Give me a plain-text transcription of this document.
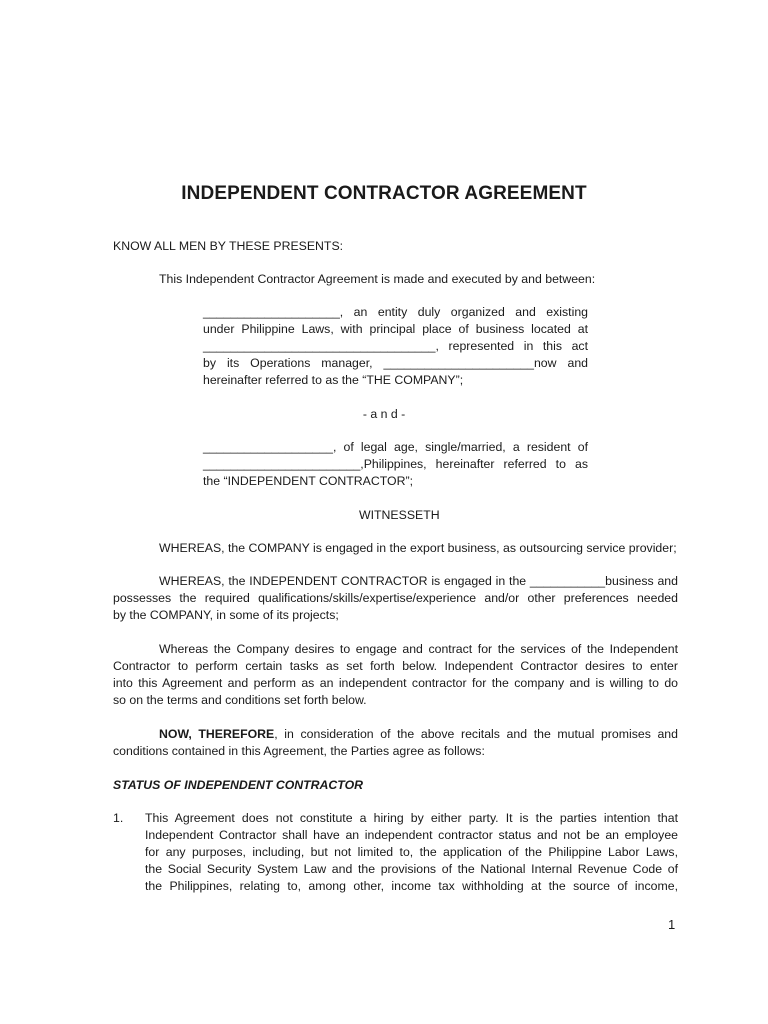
INDEPENDENT CONTRACTOR AGREEMENT
KNOW ALL MEN BY THESE PRESENTS:
This Independent Contractor Agreement is made and executed by and between:
____________________, an entity duly organized and existing
under Philippine Laws, with principal place of business located at
__________________________________, represented in this act
by its Operations manager, ______________________now and
hereinafter referred to as the “THE COMPANY”;
- a n d -
___________________, of legal age, single/married, a resident of
_______________________,Philippines, hereinafter referred to as
the “INDEPENDENT CONTRACTOR”;
WITNESSETH
WHEREAS, the COMPANY is engaged in the export business, as outsourcing service provider;
WHEREAS, the INDEPENDENT CONTRACTOR is engaged in the ___________business and
possesses the required qualifications/skills/expertise/experience and/or other preferences needed
by the COMPANY, in some of its projects;
Whereas the Company desires to engage and contract for the services of the Independent
Contractor to perform certain tasks as set forth below. Independent Contractor desires to enter
into this Agreement and perform as an independent contractor for the company and is willing to do
so on the terms and conditions set forth below.
NOW, THEREFORE, in consideration of the above recitals and the mutual promises and
conditions contained in this Agreement, the Parties agree as follows:
STATUS OF INDEPENDENT CONTRACTOR
1. This Agreement does not constitute a hiring by either party. It is the parties intention that
Independent Contractor shall have an independent contractor status and not be an employee
for any purposes, including, but not limited to, the application of the Philippine Labor Laws,
the Social Security System Law and the provisions of the National Internal Revenue Code of
the Philippines, relating to, among other, income tax withholding at the source of income,
1
